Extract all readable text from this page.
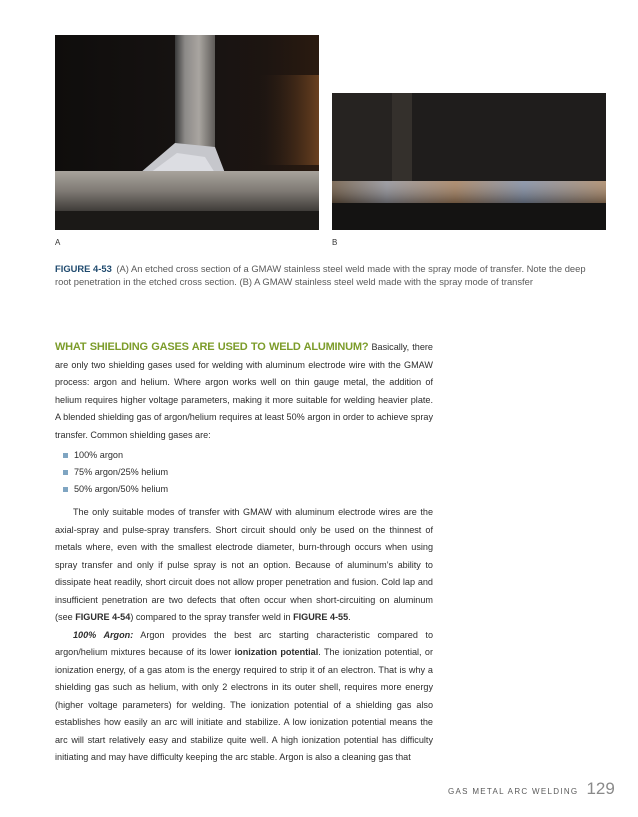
A	B
FIGURE 4-53 (A) An etched cross section of a GMAW stainless steel weld made with the spray mode of transfer. Note the deep root penetration in the etched cross section. (B) A GMAW stainless steel weld made with the spray mode of transfer

WHAT SHIELDING GASES ARE USED TO WELD ALUMINUM? Basically, there are only two shielding gases used for welding with aluminum electrode wire with the GMAW process: argon and helium. Where argon works well on thin gauge metal, the addition of helium requires higher voltage parameters, making it more suitable for welding heavier plate. A blended shielding gas of argon/helium requires at least 50% argon in order to achieve spray transfer. Common shielding gases are:

100% argon
75% argon/25% helium
50% argon/50% helium

The only suitable modes of transfer with GMAW with aluminum electrode wires are the axial-spray and pulse-spray transfers. Short circuit should only be used on the thinnest of metals where, even with the smallest electrode diameter, burn-through occurs when using spray transfer and only if pulse spray is not an option. Because of aluminum’s ability to dissipate heat readily, short circuit does not allow proper penetration and fusion. Cold lap and insufficient penetration are two defects that often occur when short-circuiting on aluminum (see FIGURE 4-54) compared to the spray transfer weld in FIGURE 4-55.

100% Argon: Argon provides the best arc starting characteristic compared to argon/helium mixtures because of its lower ionization potential. The ionization potential, or ionization energy, of a gas atom is the energy required to strip it of an electron. That is why a shielding gas such as helium, with only 2 electrons in its outer shell, requires more energy (higher voltage parameters) for welding. The ionization potential of a shielding gas also establishes how easily an arc will initiate and stabilize. A low ionization potential means the arc will start relatively easy and stabilize quite well. A high ionization potential has difficulty initiating and may have difficulty keeping the arc stable. Argon is also a cleaning gas that

GAS METAL ARC WELDING 129
